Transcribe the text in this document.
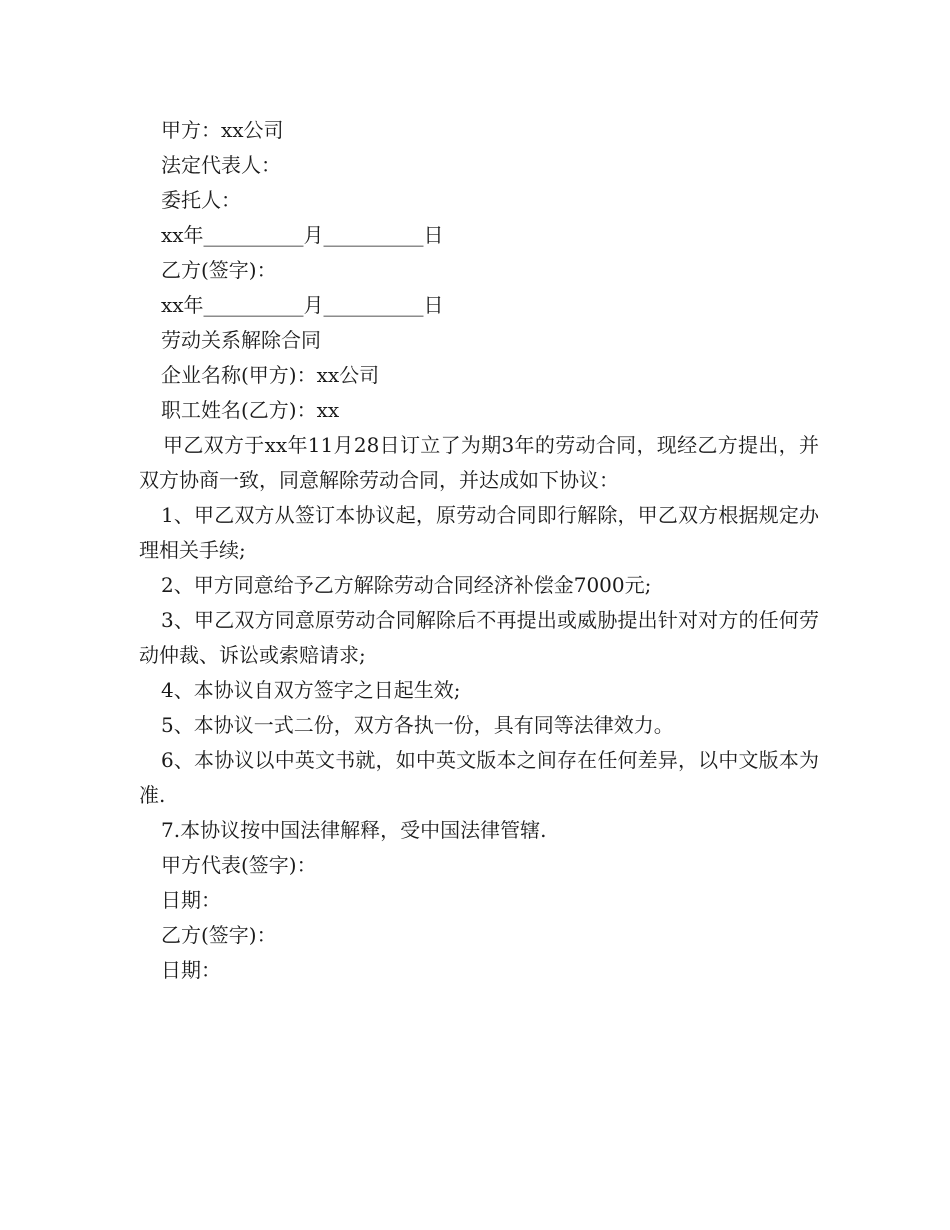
甲方：xx公司
法定代表人：
委托人：
xx年__________月__________日
乙方(签字)：
xx年__________月__________日
劳动关系解除合同
企业名称(甲方)：xx公司
职工姓名(乙方)：xx

甲乙双方于xx年11月28日订立了为期3年的劳动合同，现经乙方提出，并双方协商一致，同意解除劳动合同，并达成如下协议：

1、甲乙双方从签订本协议起，原劳动合同即行解除，甲乙双方根据规定办理相关手续;

2、甲方同意给予乙方解除劳动合同经济补偿金7000元;

3、甲乙双方同意原劳动合同解除后不再提出或威胁提出针对对方的任何劳动仲裁、诉讼或索赔请求;

4、本协议自双方签字之日起生效;

5、本协议一式二份，双方各执一份，具有同等法律效力。

6、本协议以中英文书就，如中英文版本之间存在任何差异，以中文版本为准.

7.本协议按中国法律解释，受中国法律管辖.

甲方代表(签字)：
日期：
乙方(签字)：
日期：
